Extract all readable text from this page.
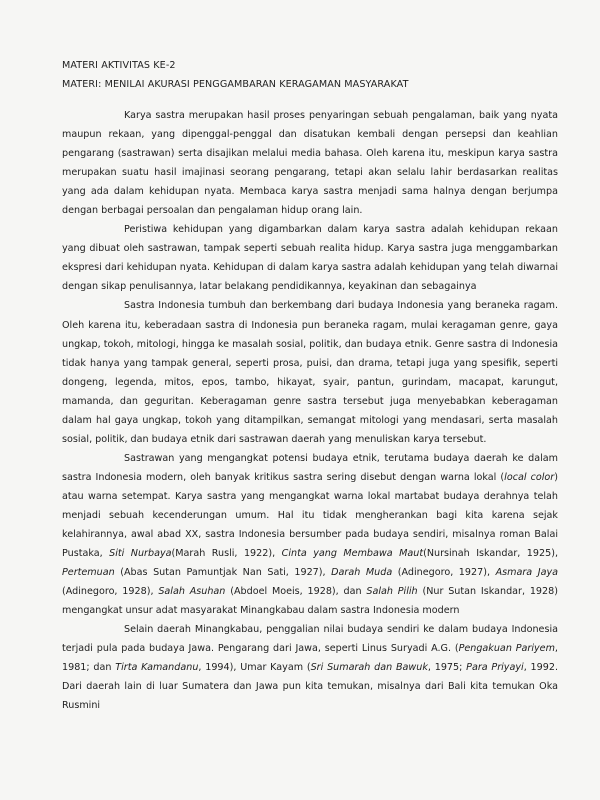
MATERI AKTIVITAS KE-2
MATERI: MENILAI AKURASI PENGGAMBARAN KERAGAMAN MASYARAKAT

Karya sastra merupakan hasil proses penyaringan sebuah pengalaman, baik yang nyata maupun rekaan, yang dipenggal-penggal dan disatukan kembali dengan persepsi dan keahlian pengarang (sastrawan) serta disajikan melalui media bahasa. Oleh karena itu, meskipun karya sastra merupakan suatu hasil imajinasi seorang pengarang, tetapi akan selalu lahir berdasarkan realitas yang ada dalam kehidupan nyata. Membaca karya sastra menjadi sama halnya dengan berjumpa dengan berbagai persoalan dan pengalaman hidup orang lain.

Peristiwa kehidupan yang digambarkan dalam karya sastra adalah kehidupan rekaan yang dibuat oleh sastrawan, tampak seperti sebuah realita hidup. Karya sastra juga menggambarkan ekspresi dari kehidupan nyata. Kehidupan di dalam karya sastra adalah kehidupan yang telah diwarnai dengan sikap penulisannya, latar belakang pendidikannya, keyakinan dan sebagainya

Sastra Indonesia tumbuh dan berkembang dari budaya Indonesia yang beraneka ragam. Oleh karena itu, keberadaan sastra di Indonesia pun beraneka ragam, mulai keragaman genre, gaya ungkap, tokoh, mitologi, hingga ke masalah sosial, politik, dan budaya etnik. Genre sastra di Indonesia tidak hanya yang tampak general, seperti prosa, puisi, dan drama, tetapi juga yang spesifik, seperti dongeng, legenda, mitos, epos, tambo, hikayat, syair, pantun, gurindam, macapat, karungut, mamanda, dan geguritan. Keberagaman genre sastra tersebut juga menyebabkan keberagaman dalam hal gaya ungkap, tokoh yang ditampilkan, semangat mitologi yang mendasari, serta masalah sosial, politik, dan budaya etnik dari sastrawan daerah yang menuliskan karya tersebut.

Sastrawan yang mengangkat potensi budaya etnik, terutama budaya daerah ke dalam sastra Indonesia modern, oleh banyak kritikus sastra sering disebut dengan warna lokal (local color) atau warna setempat. Karya sastra yang mengangkat warna lokal martabat budaya derahnya telah menjadi sebuah kecenderungan umum. Hal itu tidak mengherankan bagi kita karena sejak kelahirannya, awal abad XX, sastra Indonesia bersumber pada budaya sendiri, misalnya roman Balai Pustaka, Siti Nurbaya(Marah Rusli, 1922), Cinta yang Membawa Maut(Nursinah Iskandar, 1925), Pertemuan (Abas Sutan Pamuntjak Nan Sati, 1927), Darah Muda (Adinegoro, 1927), Asmara Jaya (Adinegoro, 1928), Salah Asuhan (Abdoel Moeis, 1928), dan Salah Pilih (Nur Sutan Iskandar, 1928) mengangkat unsur adat masyarakat Minangkabau dalam sastra Indonesia modern

Selain daerah Minangkabau, penggalian nilai budaya sendiri ke dalam budaya Indonesia terjadi pula pada budaya Jawa. Pengarang dari Jawa, seperti Linus Suryadi A.G. (Pengakuan Pariyem, 1981; dan Tirta Kamandanu, 1994), Umar Kayam (Sri Sumarah dan Bawuk, 1975; Para Priyayi, 1992. Dari daerah lain di luar Sumatera dan Jawa pun kita temukan, misalnya dari Bali kita temukan Oka Rusmini
